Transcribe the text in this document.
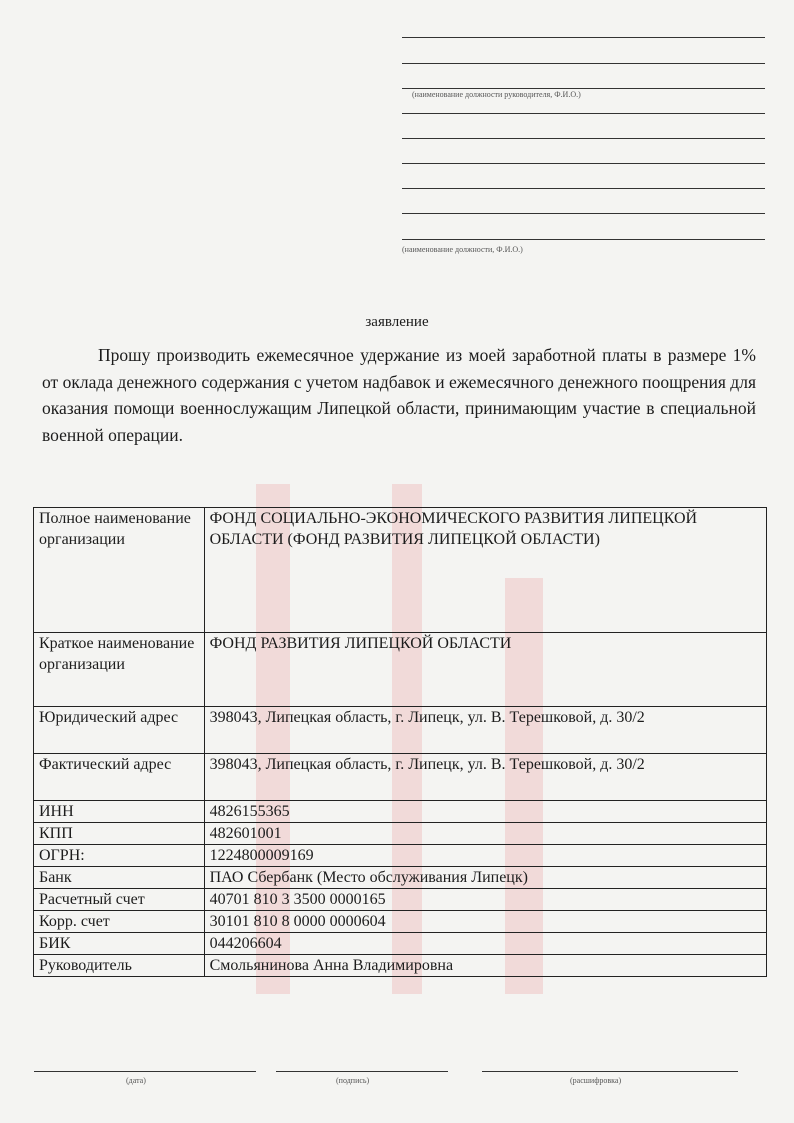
(наименование должности руководителя, Ф.И.О.)
(наименование должности, Ф.И.О.)
заявление
Прошу производить ежемесячное удержание из моей заработной платы в размере 1% от оклада денежного содержания с учетом надбавок и ежемесячного денежного поощрения для оказания помощи военнослужащим Липецкой области, принимающим участие в специальной военной операции.
Полное наименование организации	ФОНД СОЦИАЛЬНО-ЭКОНОМИЧЕСКОГО РАЗВИТИЯ ЛИПЕЦКОЙ ОБЛАСТИ (ФОНД РАЗВИТИЯ ЛИПЕЦКОЙ ОБЛАСТИ)
Краткое наименование организации	ФОНД РАЗВИТИЯ ЛИПЕЦКОЙ ОБЛАСТИ
Юридический адрес	398043, Липецкая область, г. Липецк, ул. В. Терешковой, д. 30/2
Фактический адрес	398043, Липецкая область, г. Липецк, ул. В. Терешковой, д. 30/2
ИНН	4826155365
КПП	482601001
ОГРН:	1224800009169
Банк	ПАО Сбербанк (Место обслуживания Липецк)
Расчетный счет	40701 810 3 3500 0000165
Корр. счет	30101 810 8 0000 0000604
БИК	044206604
Руководитель	Смольянинова Анна Владимировна
(дата)	(подпись)	(расшифровка)
